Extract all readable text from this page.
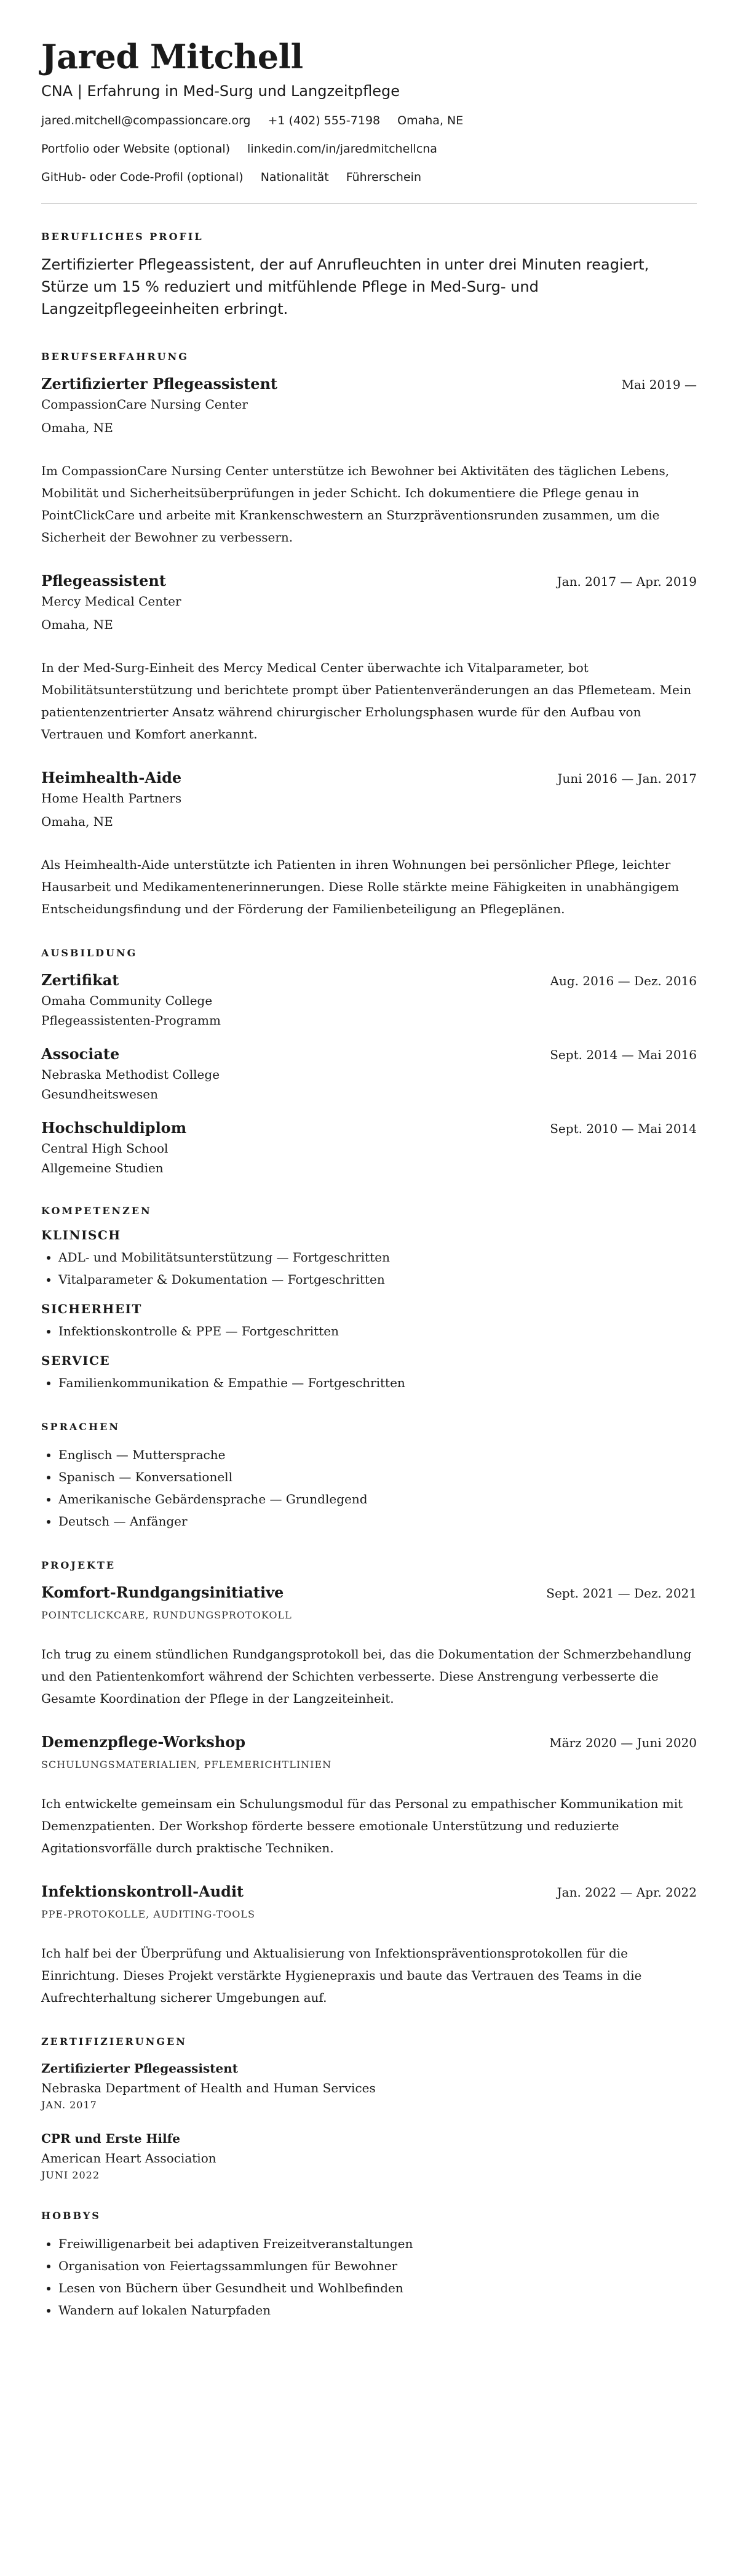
Jared Mitchell
CNA | Erfahrung in Med-Surg und Langzeitpflege
jared.mitchell@compassioncare.org +1 (402) 555-7198 Omaha, NE
Portfolio oder Website (optional) linkedin.com/in/jaredmitchellcna
GitHub- oder Code-Profil (optional) Nationalität Führerschein
BERUFLICHES PROFIL
Zertifizierter Pflegeassistent, der auf Anrufleuchten in unter drei Minuten reagiert, Stürze um 15 % reduziert und mitfühlende Pflege in Med-Surg- und Langzeitpflegeeinheiten erbringt.
BERUFSERFAHRUNG
Zertifizierter Pflegeassistent	Mai 2019 —
CompassionCare Nursing Center
Omaha, NE
Im CompassionCare Nursing Center unterstütze ich Bewohner bei Aktivitäten des täglichen Lebens, Mobilität und Sicherheitsüberprüfungen in jeder Schicht. Ich dokumentiere die Pflege genau in PointClickCare und arbeite mit Krankenschwestern an Sturzpräventionsrunden zusammen, um die Sicherheit der Bewohner zu verbessern.
Pflegeassistent	Jan. 2017 — Apr. 2019
Mercy Medical Center
Omaha, NE
In der Med-Surg-Einheit des Mercy Medical Center überwachte ich Vitalparameter, bot Mobilitätsunterstützung und berichtete prompt über Patientenveränderungen an das Pflemeteam. Mein patientenzentrierter Ansatz während chirurgischer Erholungsphasen wurde für den Aufbau von Vertrauen und Komfort anerkannt.
Heimhealth-Aide	Juni 2016 — Jan. 2017
Home Health Partners
Omaha, NE
Als Heimhealth-Aide unterstützte ich Patienten in ihren Wohnungen bei persönlicher Pflege, leichter Hausarbeit und Medikamentenerinnerungen. Diese Rolle stärkte meine Fähigkeiten in unabhängigem Entscheidungsfindung und der Förderung der Familienbeteiligung an Pflegeplänen.
AUSBILDUNG
Zertifikat	Aug. 2016 — Dez. 2016
Omaha Community College
Pflegeassistenten-Programm
Associate	Sept. 2014 — Mai 2016
Nebraska Methodist College
Gesundheitswesen
Hochschuldiplom	Sept. 2010 — Mai 2014
Central High School
Allgemeine Studien
KOMPETENZEN
KLINISCH
• ADL- und Mobilitätsunterstützung — Fortgeschritten
• Vitalparameter & Dokumentation — Fortgeschritten
SICHERHEIT
• Infektionskontrolle & PPE — Fortgeschritten
SERVICE
• Familienkommunikation & Empathie — Fortgeschritten
SPRACHEN
• Englisch — Muttersprache
• Spanisch — Konversationell
• Amerikanische Gebärdensprache — Grundlegend
• Deutsch — Anfänger
PROJEKTE
Komfort-Rundgangsinitiative	Sept. 2021 — Dez. 2021
POINTCLICKCARE, RUNDUNGSPROTOKOLL
Ich trug zu einem stündlichen Rundgangsprotokoll bei, das die Dokumentation der Schmerzbehandlung und den Patientenkomfort während der Schichten verbesserte. Diese Anstrengung verbesserte die Gesamte Koordination der Pflege in der Langzeiteinheit.
Demenzpflege-Workshop	März 2020 — Juni 2020
SCHULUNGSMATERIALIEN, PFLEMERICHTLINIEN
Ich entwickelte gemeinsam ein Schulungsmodul für das Personal zu empathischer Kommunikation mit Demenzpatienten. Der Workshop förderte bessere emotionale Unterstützung und reduzierte Agitationsvorfälle durch praktische Techniken.
Infektionskontroll-Audit	Jan. 2022 — Apr. 2022
PPE-PROTOKOLLE, AUDITING-TOOLS
Ich half bei der Überprüfung und Aktualisierung von Infektionspräventionsprotokollen für die Einrichtung. Dieses Projekt verstärkte Hygienepraxis und baute das Vertrauen des Teams in die Aufrechterhaltung sicherer Umgebungen auf.
ZERTIFIZIERUNGEN
Zertifizierter Pflegeassistent
Nebraska Department of Health and Human Services
JAN. 2017
CPR und Erste Hilfe
American Heart Association
JUNI 2022
HOBBYS
• Freiwilligenarbeit bei adaptiven Freizeitveranstaltungen
• Organisation von Feiertagssammlungen für Bewohner
• Lesen von Büchern über Gesundheit und Wohlbefinden
• Wandern auf lokalen Naturpfaden
